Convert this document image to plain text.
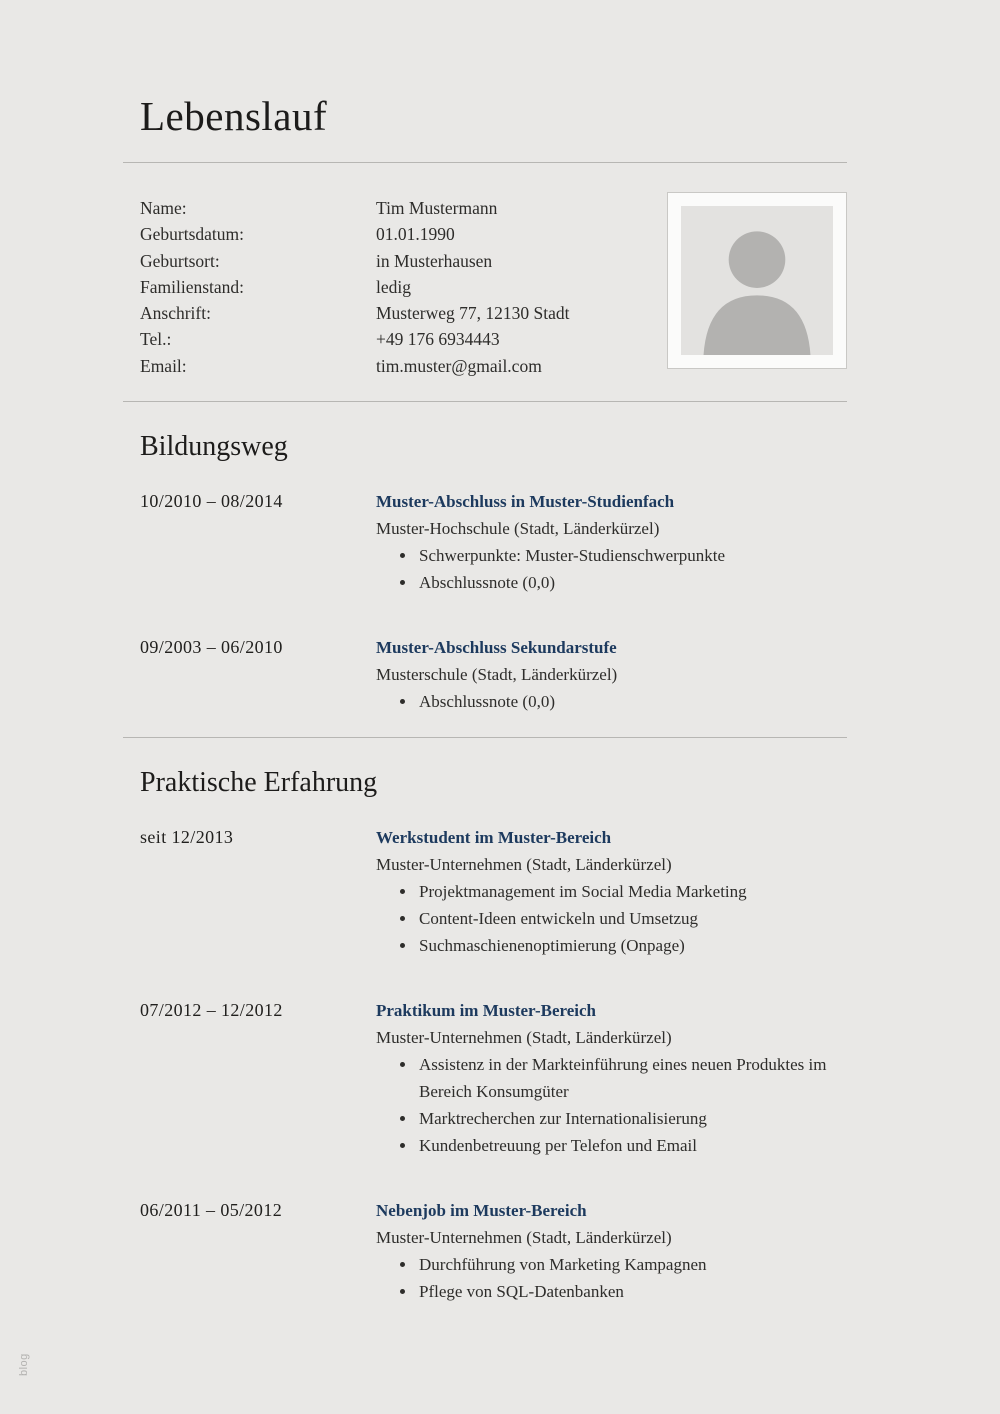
Lebenslauf
Name:	Tim Mustermann
Geburtsdatum:	01.01.1990
Geburtsort:	in Musterhausen
Familienstand:	ledig
Anschrift:	Musterweg 77, 12130 Stadt
Tel.:	+49 176 6934443
Email:	tim.muster@gmail.com
Bildungsweg
10/2010 – 08/2014	Muster-Abschluss in Muster-Studienfach
Muster-Hochschule (Stadt, Länderkürzel)
• Schwerpunkte: Muster-Studienschwerpunkte
• Abschlussnote (0,0)
09/2003 – 06/2010	Muster-Abschluss Sekundarstufe
Musterschule (Stadt, Länderkürzel)
• Abschlussnote (0,0)
Praktische Erfahrung
seit 12/2013	Werkstudent im Muster-Bereich
Muster-Unternehmen (Stadt, Länderkürzel)
• Projektmanagement im Social Media Marketing
• Content-Ideen entwickeln und Umsetzug
• Suchmaschienenoptimierung (Onpage)
07/2012 – 12/2012	Praktikum im Muster-Bereich
Muster-Unternehmen (Stadt, Länderkürzel)
• Assistenz in der Markteinführung eines neuen Produktes im Bereich Konsumgüter
• Marktrecherchen zur Internationalisierung
• Kundenbetreuung per Telefon und Email
06/2011 – 05/2012	Nebenjob im Muster-Bereich
Muster-Unternehmen (Stadt, Länderkürzel)
• Durchführung von Marketing Kampagnen
• Pflege von SQL-Datenbanken
blog
